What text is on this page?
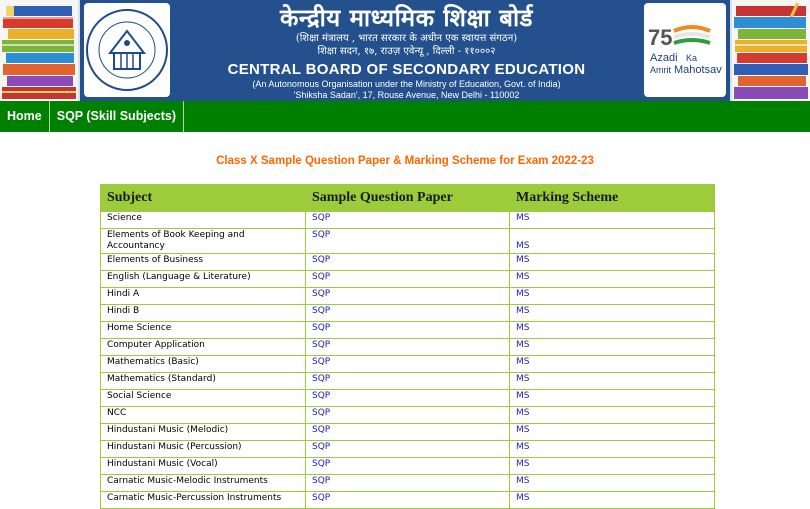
केन्द्रीय माध्यमिक शिक्षा बोर्ड
(शिक्षा मंत्रालय , भारत सरकार के अधीन एक स्वायत्त संगठन)
शिक्षा सदन, १७, राउज़ एवेन्यू , दिल्ली - ११०००२
CENTRAL BOARD OF SECONDARY EDUCATION
(An Autonomous Organisation under the Ministry of Education, Govt. of India)
'Shiksha Sadan', 17, Rouse Avenue, New Delhi - 110002
75
Azadi Ka
Amrit Mahotsav
Home	SQP (Skill Subjects)
Class X Sample Question Paper & Marking Scheme for Exam 2022-23
Subject	Sample Question Paper	Marking Scheme
Science	SQP	MS
Elements of Book Keeping and Accountancy	SQP	MS
Elements of Business	SQP	MS
English (Language & Literature)	SQP	MS
Hindi A	SQP	MS
Hindi B	SQP	MS
Home Science	SQP	MS
Computer Application	SQP	MS
Mathematics (Basic)	SQP	MS
Mathematics (Standard)	SQP	MS
Social Science	SQP	MS
NCC	SQP	MS
Hindustani Music (Melodic)	SQP	MS
Hindustani Music (Percussion)	SQP	MS
Hindustani Music (Vocal)	SQP	MS
Carnatic Music-Melodic Instruments	SQP	MS
Carnatic Music-Percussion Instruments	SQP	MS
